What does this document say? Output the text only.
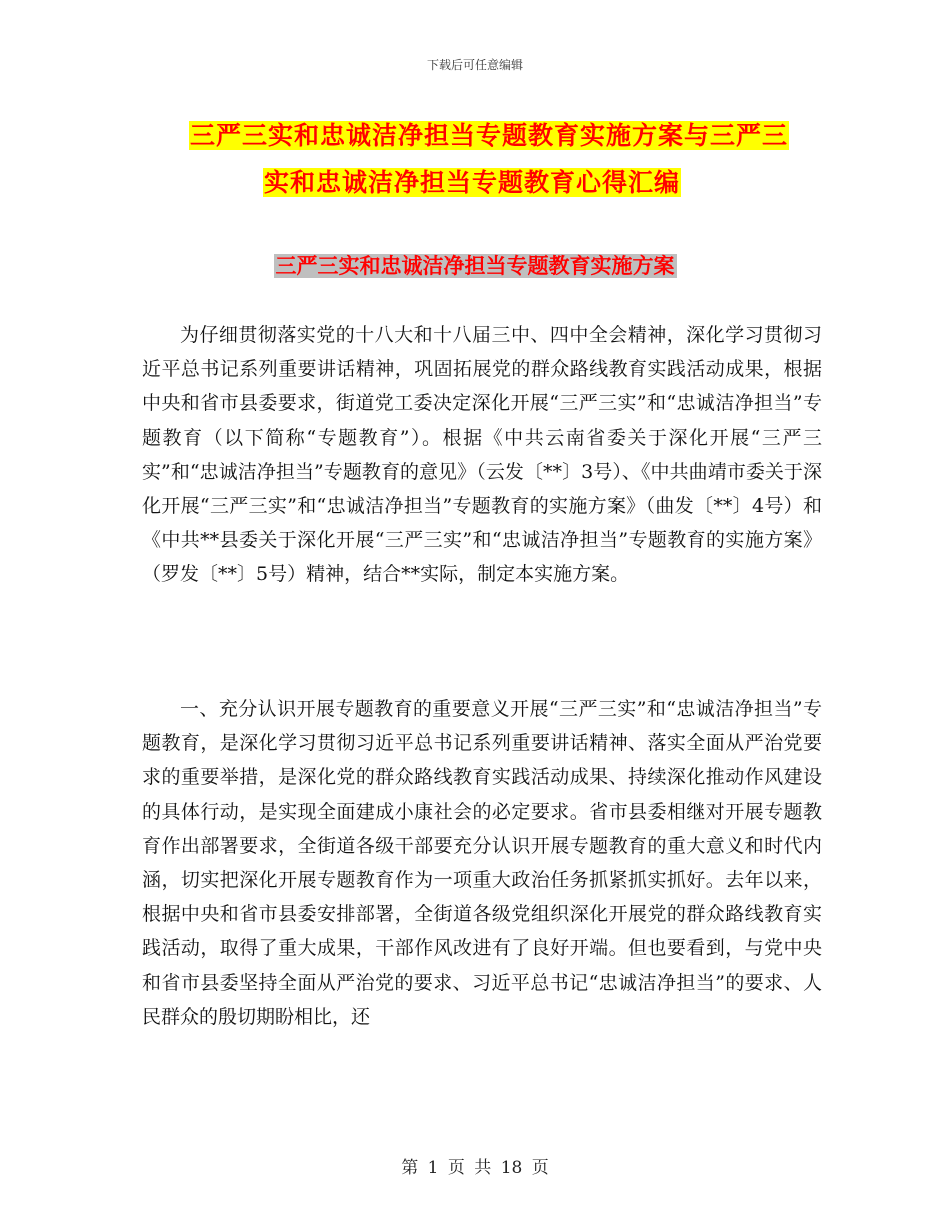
下载后可任意编辑
三严三实和忠诚洁净担当专题教育实施方案与三严三
实和忠诚洁净担当专题教育心得汇编
三严三实和忠诚洁净担当专题教育实施方案

为仔细贯彻落实党的十八大和十八届三中、四中全会精神，深化学习贯彻习近平总书记系列重要讲话精神，巩固拓展党的群众路线教育实践活动成果，根据中央和省市县委要求，街道党工委决定深化开展“三严三实”和“忠诚洁净担当”专题教育（以下简称“专题教育”）。根据《中共云南省委关于深化开展“三严三实”和“忠诚洁净担当”专题教育的意见》（云发〔**〕3号）、《中共曲靖市委关于深化开展“三严三实”和“忠诚洁净担当”专题教育的实施方案》（曲发〔**〕4号）和《中共**县委关于深化开展“三严三实”和“忠诚洁净担当”专题教育的实施方案》（罗发〔**〕5号）精神，结合**实际，制定本实施方案。

一、充分认识开展专题教育的重要意义开展“三严三实”和“忠诚洁净担当”专题教育，是深化学习贯彻习近平总书记系列重要讲话精神、落实全面从严治党要求的重要举措，是深化党的群众路线教育实践活动成果、持续深化推动作风建设的具体行动，是实现全面建成小康社会的必定要求。省市县委相继对开展专题教育作出部署要求，全街道各级干部要充分认识开展专题教育的重大意义和时代内涵，切实把深化开展专题教育作为一项重大政治任务抓紧抓实抓好。去年以来，根据中央和省市县委安排部署，全街道各级党组织深化开展党的群众路线教育实践活动，取得了重大成果，干部作风改进有了良好开端。但也要看到，与党中央和省市县委坚持全面从严治党的要求、习近平总书记“忠诚洁净担当”的要求、人民群众的殷切期盼相比，还

第 1 页 共 18 页
